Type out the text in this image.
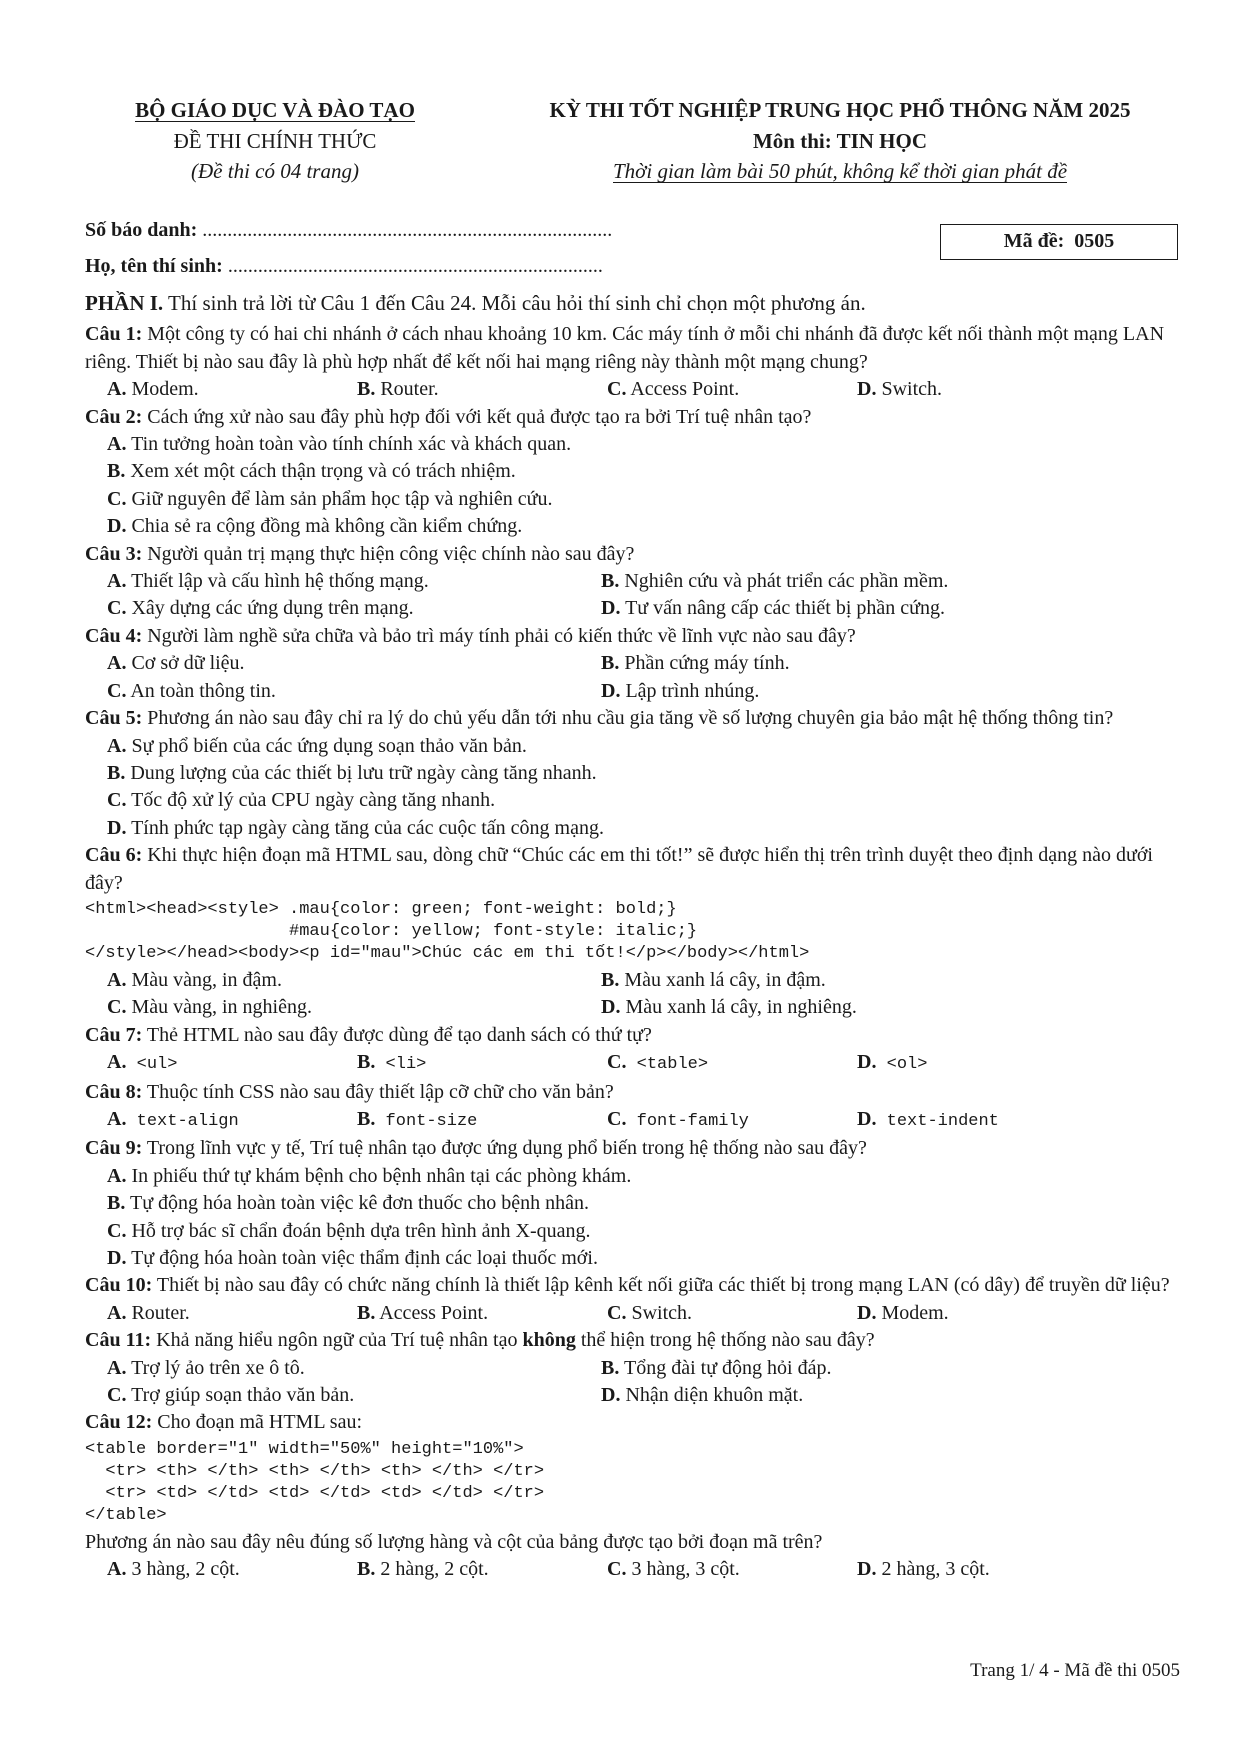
BỘ GIÁO DỤC VÀ ĐÀO TẠO
ĐỀ THI CHÍNH THỨC
(Đề thi có 04 trang)
KỲ THI TỐT NGHIỆP TRUNG HỌC PHỔ THÔNG NĂM 2025
Môn thi: TIN HỌC
Thời gian làm bài 50 phút, không kể thời gian phát đề
Số báo danh: ..................................................................................
Họ, tên thí sinh: ...........................................................................
Mã đề: 0505

PHẦN I. Thí sinh trả lời từ Câu 1 đến Câu 24. Mỗi câu hỏi thí sinh chỉ chọn một phương án.

Câu 1: Một công ty có hai chi nhánh ở cách nhau khoảng 10 km. Các máy tính ở mỗi chi nhánh đã được kết nối thành một mạng LAN riêng. Thiết bị nào sau đây là phù hợp nhất để kết nối hai mạng riêng này thành một mạng chung?

A. Modem.	B. Router.	C. Access Point.	D. Switch.

Câu 2: Cách ứng xử nào sau đây phù hợp đối với kết quả được tạo ra bởi Trí tuệ nhân tạo?

A. Tin tưởng hoàn toàn vào tính chính xác và khách quan.
B. Xem xét một cách thận trọng và có trách nhiệm.
C. Giữ nguyên để làm sản phẩm học tập và nghiên cứu.
D. Chia sẻ ra cộng đồng mà không cần kiểm chứng.

Câu 3: Người quản trị mạng thực hiện công việc chính nào sau đây?

A. Thiết lập và cấu hình hệ thống mạng.	B. Nghiên cứu và phát triển các phần mềm.
C. Xây dựng các ứng dụng trên mạng.	D. Tư vấn nâng cấp các thiết bị phần cứng.

Câu 4: Người làm nghề sửa chữa và bảo trì máy tính phải có kiến thức về lĩnh vực nào sau đây?

A. Cơ sở dữ liệu.	B. Phần cứng máy tính.
C. An toàn thông tin.	D. Lập trình nhúng.

Câu 5: Phương án nào sau đây chỉ ra lý do chủ yếu dẫn tới nhu cầu gia tăng về số lượng chuyên gia bảo mật hệ thống thông tin?

A. Sự phổ biến của các ứng dụng soạn thảo văn bản.
B. Dung lượng của các thiết bị lưu trữ ngày càng tăng nhanh.
C. Tốc độ xử lý của CPU ngày càng tăng nhanh.
D. Tính phức tạp ngày càng tăng của các cuộc tấn công mạng.

Câu 6: Khi thực hiện đoạn mã HTML sau, dòng chữ “Chúc các em thi tốt!” sẽ được hiển thị trên trình duyệt theo định dạng nào dưới đây?

<html><head><style> .mau{color: green; font-weight: bold;}
#mau{color: yellow; font-style: italic;}
</style></head><body><p id="mau">Chúc các em thi tốt!</p></body></html>
A. Màu vàng, in đậm.	B. Màu xanh lá cây, in đậm.
C. Màu vàng, in nghiêng.	D. Màu xanh lá cây, in nghiêng.

Câu 7: Thẻ HTML nào sau đây được dùng để tạo danh sách có thứ tự?

A. <ul>	B. <li>	C. <table>	D. <ol>

Câu 8: Thuộc tính CSS nào sau đây thiết lập cỡ chữ cho văn bản?

A. text-align	B. font-size	C. font-family	D. text-indent

Câu 9: Trong lĩnh vực y tế, Trí tuệ nhân tạo được ứng dụng phổ biến trong hệ thống nào sau đây?

A. In phiếu thứ tự khám bệnh cho bệnh nhân tại các phòng khám.
B. Tự động hóa hoàn toàn việc kê đơn thuốc cho bệnh nhân.
C. Hỗ trợ bác sĩ chẩn đoán bệnh dựa trên hình ảnh X-quang.
D. Tự động hóa hoàn toàn việc thẩm định các loại thuốc mới.

Câu 10: Thiết bị nào sau đây có chức năng chính là thiết lập kênh kết nối giữa các thiết bị trong mạng LAN (có dây) để truyền dữ liệu?

A. Router.	B. Access Point.	C. Switch.	D. Modem.

Câu 11: Khả năng hiểu ngôn ngữ của Trí tuệ nhân tạo không thể hiện trong hệ thống nào sau đây?

A. Trợ lý ảo trên xe ô tô.	B. Tổng đài tự động hỏi đáp.
C. Trợ giúp soạn thảo văn bản.	D. Nhận diện khuôn mặt.

Câu 12: Cho đoạn mã HTML sau:

<table border="1" width="50%" height="10%">
<tr> <th> </th> <th> </th> <th> </th> </tr>
<tr> <td> </td> <td> </td> <td> </td> </tr>
</table>

Phương án nào sau đây nêu đúng số lượng hàng và cột của bảng được tạo bởi đoạn mã trên?

A. 3 hàng, 2 cột.	B. 2 hàng, 2 cột.	C. 3 hàng, 3 cột.	D. 2 hàng, 3 cột.
Trang 1/ 4 - Mã đề thi 0505
